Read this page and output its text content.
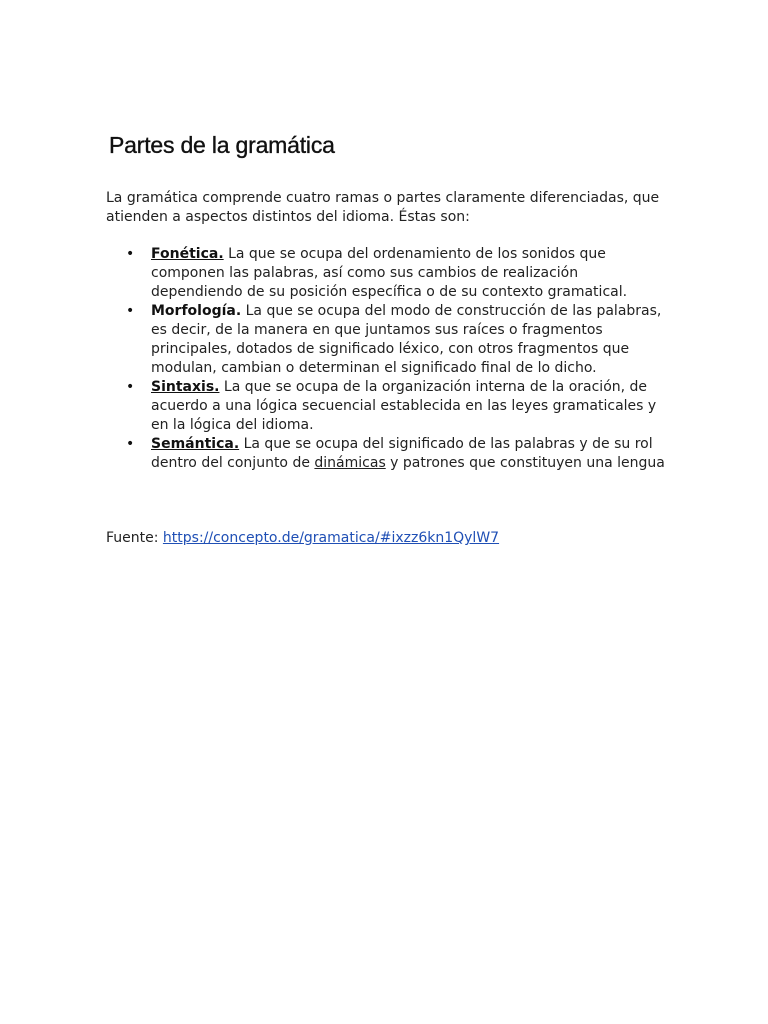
Partes de la gramática

La gramática comprende cuatro ramas o partes claramente diferenciadas, que atienden a aspectos distintos del idioma. Éstas son:

• Fonética. La que se ocupa del ordenamiento de los sonidos que componen las palabras, así como sus cambios de realización dependiendo de su posición específica o de su contexto gramatical.
• Morfología. La que se ocupa del modo de construcción de las palabras, es decir, de la manera en que juntamos sus raíces o fragmentos principales, dotados de significado léxico, con otros fragmentos que modulan, cambian o determinan el significado final de lo dicho.
• Sintaxis. La que se ocupa de la organización interna de la oración, de acuerdo a una lógica secuencial establecida en las leyes gramaticales y en la lógica del idioma.
• Semántica. La que se ocupa del significado de las palabras y de su rol dentro del conjunto de dinámicas y patrones que constituyen una lengua

Fuente: https://concepto.de/gramatica/#ixzz6kn1QylW7
